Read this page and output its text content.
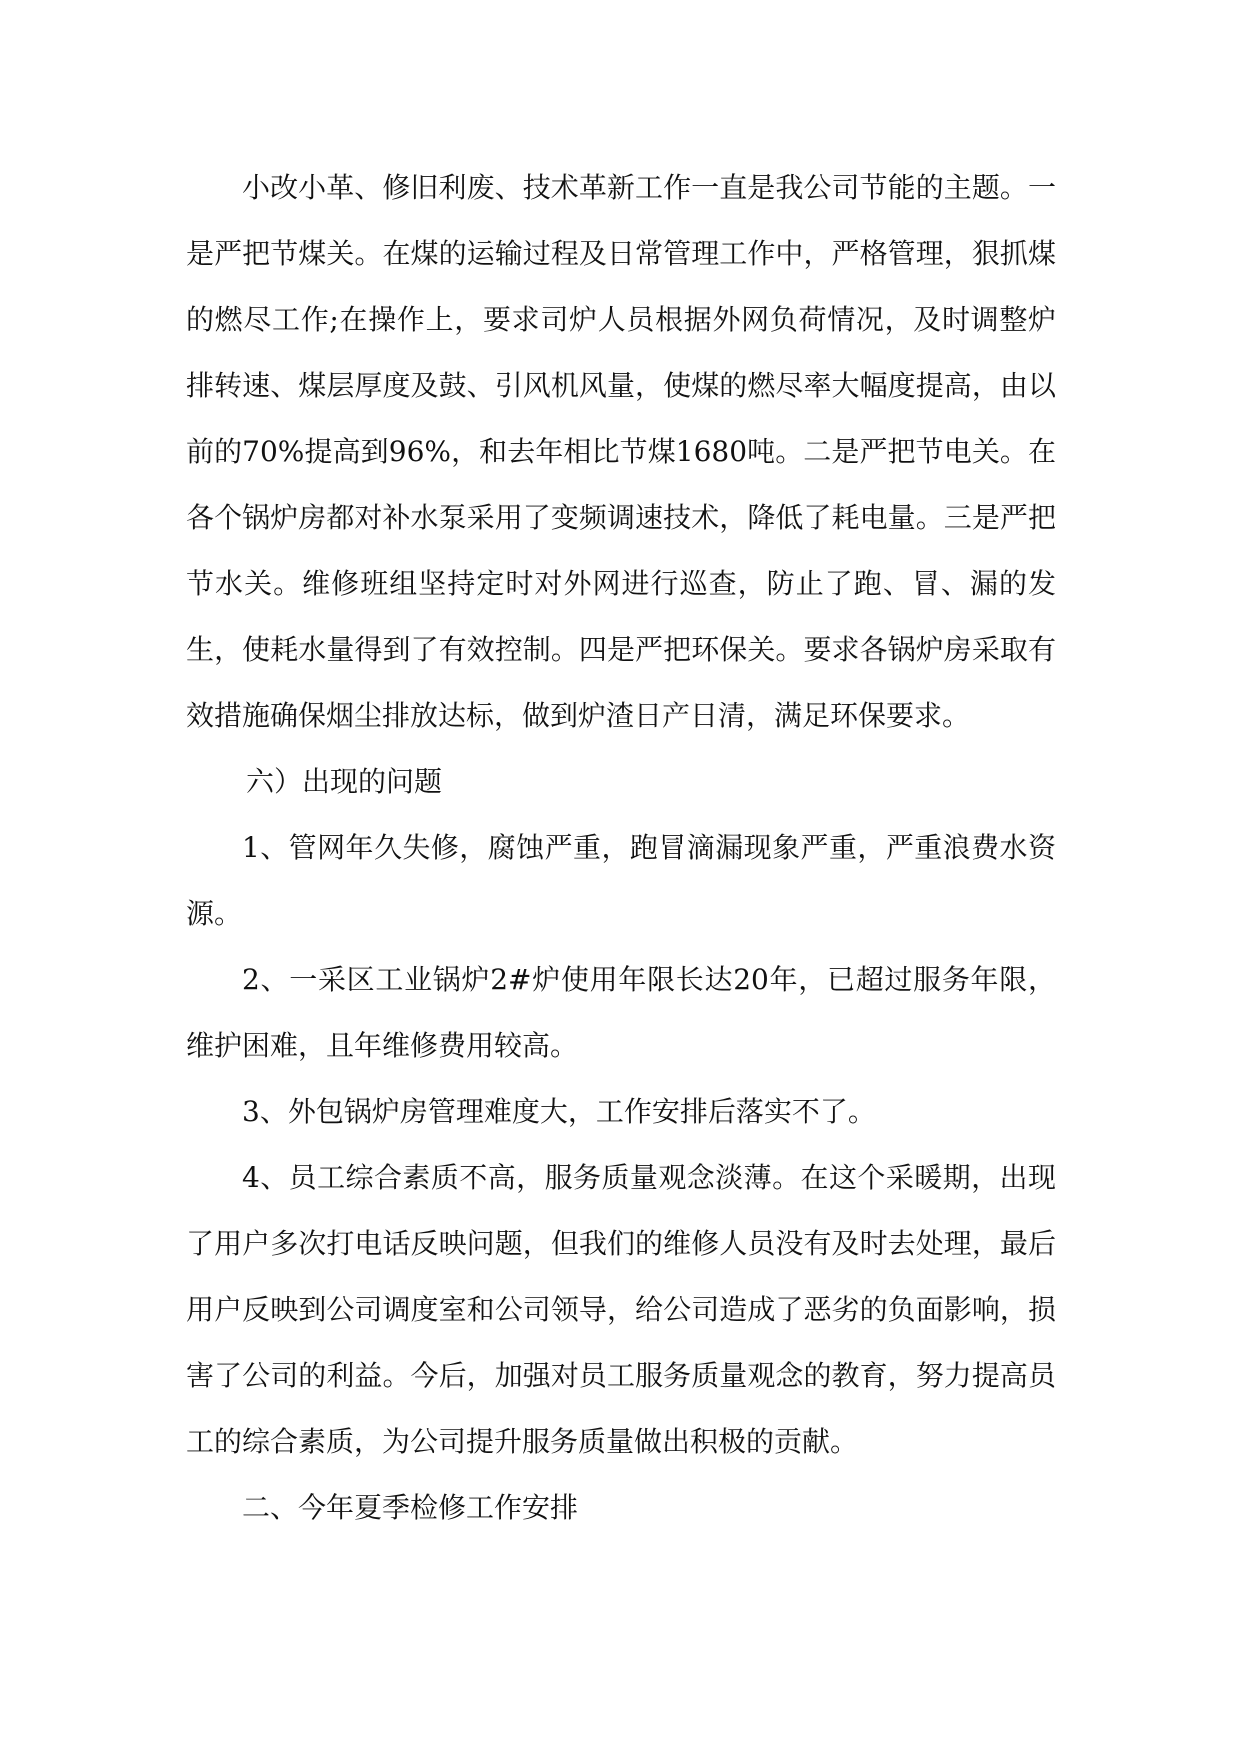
小改小革、修旧利废、技术革新工作一直是我公司节能的主题。一是严把节煤关。在煤的运输过程及日常管理工作中，严格管理，狠抓煤的燃尽工作;在操作上，要求司炉人员根据外网负荷情况，及时调整炉排转速、煤层厚度及鼓、引风机风量，使煤的燃尽率大幅度提高，由以前的70%提高到96%，和去年相比节煤1680吨。二是严把节电关。在各个锅炉房都对补水泵采用了变频调速技术，降低了耗电量。三是严把节水关。维修班组坚持定时对外网进行巡查，防止了跑、冒、漏的发生，使耗水量得到了有效控制。四是严把环保关。要求各锅炉房采取有效措施确保烟尘排放达标，做到炉渣日产日清，满足环保要求。

六）出现的问题

1、管网年久失修，腐蚀严重，跑冒滴漏现象严重，严重浪费水资源。

2、一采区工业锅炉2#炉使用年限长达20年，已超过服务年限，维护困难，且年维修费用较高。

3、外包锅炉房管理难度大，工作安排后落实不了。

4、员工综合素质不高，服务质量观念淡薄。在这个采暖期，出现了用户多次打电话反映问题，但我们的维修人员没有及时去处理，最后用户反映到公司调度室和公司领导，给公司造成了恶劣的负面影响，损害了公司的利益。今后，加强对员工服务质量观念的教育，努力提高员工的综合素质，为公司提升服务质量做出积极的贡献。

二、今年夏季检修工作安排
